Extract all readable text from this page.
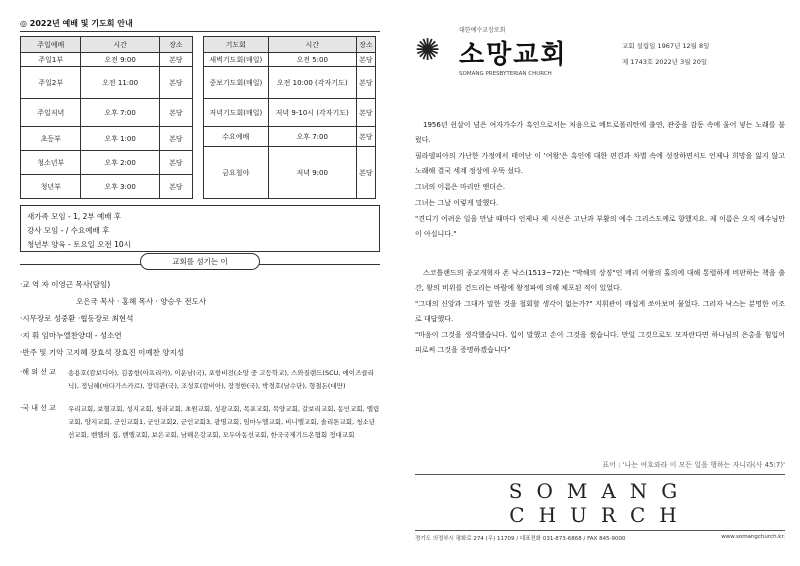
◎ 2022년 예배 및 기도회 안내
주일예배	시간	장소
주일1부	오전 9:00	본당
주일2부	오전 11:00	본당
주일저녁	오후 7:00	본당
초등부	오후 1:00	본당
청소년부	오후 2:00	본당
청년부	오후 3:00	본당
기도회	시간	장소
새벽기도회(매일)	오전 5:00	본당
중보기도회(매일)	오전 10:00 (각자기도)	본당
저녁기도회(매일)	저녁 9-10시 (각자기도)	본당
수요예배	오후 7:00	본당
금요철야	저녁 9:00	본당
새가족 모임 - 1, 2부 예배 후
강사 모임 - / 수요예배 후
청년부 양육 - 토요일 오전 10시
교회를 섬기는 이
·교 역 자 이영근 목사(담임)
오은국 목사 · 홍혜 목사 · 양승우 전도사
·시무장로 성중환 ·협동장로 최현석
·지 휘 임마누엘찬양대 - 성소연
·반주 및 기악 고지혜 장효석 장효진 이예찬 양지성
·해 외 선 교	송용호(캄보디아), 김종항(아프리카), 이운남(국), 포항비전(소망 중 고등학교), 스와질랜드(SCU, 에이즈클리닉), 정님해(마다가스카르), 장덕관(국), 조성호(캄비아), 장경한(국), 박경호(남수단), 형철돈(대만)
·국 내 선 교	우리교회, 보혈교회, 성지교회, 청라교회, 초원교회, 성광교회, 목포교회, 목양교회, 갈보리교회, 동인교회, 엘림교회, 양지교회, 군인교회1, 군인교회2, 군인교회3, 광명교회, 임마누엘교회, 비니엘교회, 솔리톤교회, 청소년선교회, 밴엘의 집, 밴엘교회, 보은교회, 남해은강교회, 모두아동선교회, 한국국제기드온협회 정대교회
✺
대한예수교장로회
소망교회
SOMANG PRESBYTERIAN CHURCH
교회 설립일 1967년 12월 8일
제 1743호 2022년 3월 20일

1956년 쉰살이 넘은 여자가수가 흑인으로서는 처음으로 메트로폴리탄에 출연, 관중을 감동 속에 울어 넣는 노래를 불렀다.

필라델피아의 가난한 가정에서 태어난 이 '여왕'은 흑인에 대한 편견과 차별 속에 성장하면서도 언제나 희망을 잃지 않고 노래해 결국 세계 정상에 우뚝 섰다.

그녀의 이름은 마리안 앤더슨.

그녀는 그날 이렇게 말했다.

"견디기 어려운 일을 만날 때마다 언제나 제 시선은 고난과 부활의 예수 그리스도께로 향했지요. 제 이름은 오직 예수님만이 아십니다."

스코틀랜드의 종교개혁자 존 낙스(1513~72)는 "박해의 상징"인 메리 여왕의 홀의에 대해 통렬하게 비판하는 책을 출간, 왕의 비위를 건드리는 바람에 왕정파에 의해 체포된 적이 있었다.

"그대의 신앙과 그대가 말한 것을 철회할 생각이 없는가?" 지휘관이 매섭게 쏘아보며 물었다. 그러자 낙스는 분명한 어조로 대답했다.

"마음이 그것을 생각했습니다. 입이 말했고 손이 그것을 썼습니다. 만일 그것으로도 모자란다면 하나님의 은총을 힘입어 피로써 그것을 증명하겠습니다"

표어 : '나는 여호와라 이 모든 일을 행하는 자니라(사 45:7)'
SOMANG CHURCH
경기도 의정부시 평화로 274 (우) 11709 / 대표전화 031-873-6868 / FAX 845-9000	www.somangchurch.kr.
